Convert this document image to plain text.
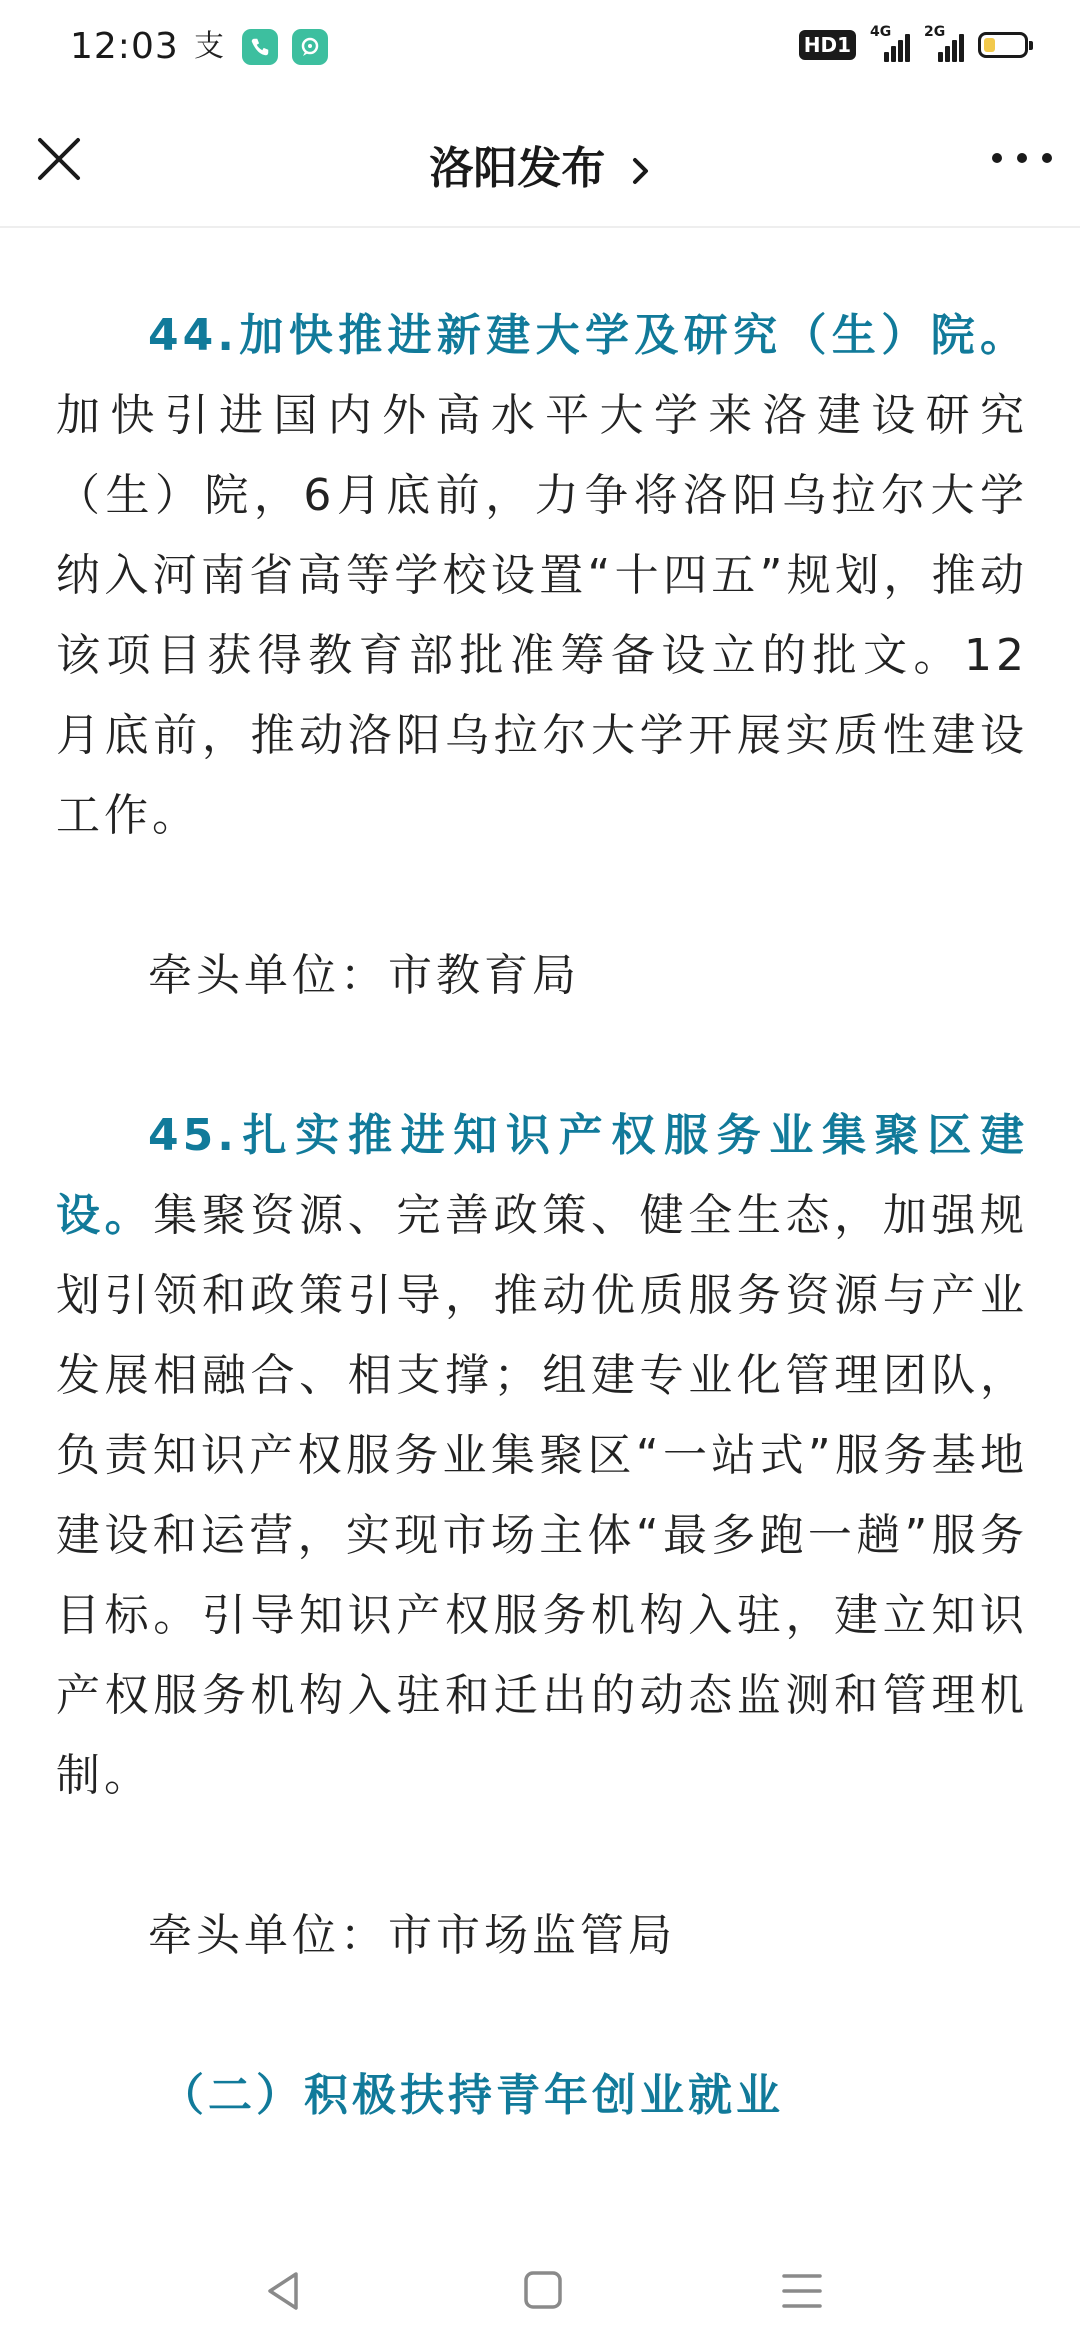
12:03 支	HD1
4G 2G
洛阳发布

44.加快推进新建大学及研究（生）院。加快引进国内外高水平大学来洛建设研究（生）院，6月底前，力争将洛阳乌拉尔大学纳入河南省高等学校设置“十四五”规划，推动该项目获得教育部批准筹备设立的批文。12月底前，推动洛阳乌拉尔大学开展实质性建设工作。

牵头单位：市教育局

45.扎实推进知识产权服务业集聚区建设。集聚资源、完善政策、健全生态，加强规划引领和政策引导，推动优质服务资源与产业发展相融合、相支撑；组建专业化管理团队，负责知识产权服务业集聚区“一站式”服务基地建设和运营，实现市场主体“最多跑一趟”服务目标。引导知识产权服务机构入驻，建立知识产权服务机构入驻和迁出的动态监测和管理机制。

牵头单位：市市场监管局

（二）积极扶持青年创业就业
